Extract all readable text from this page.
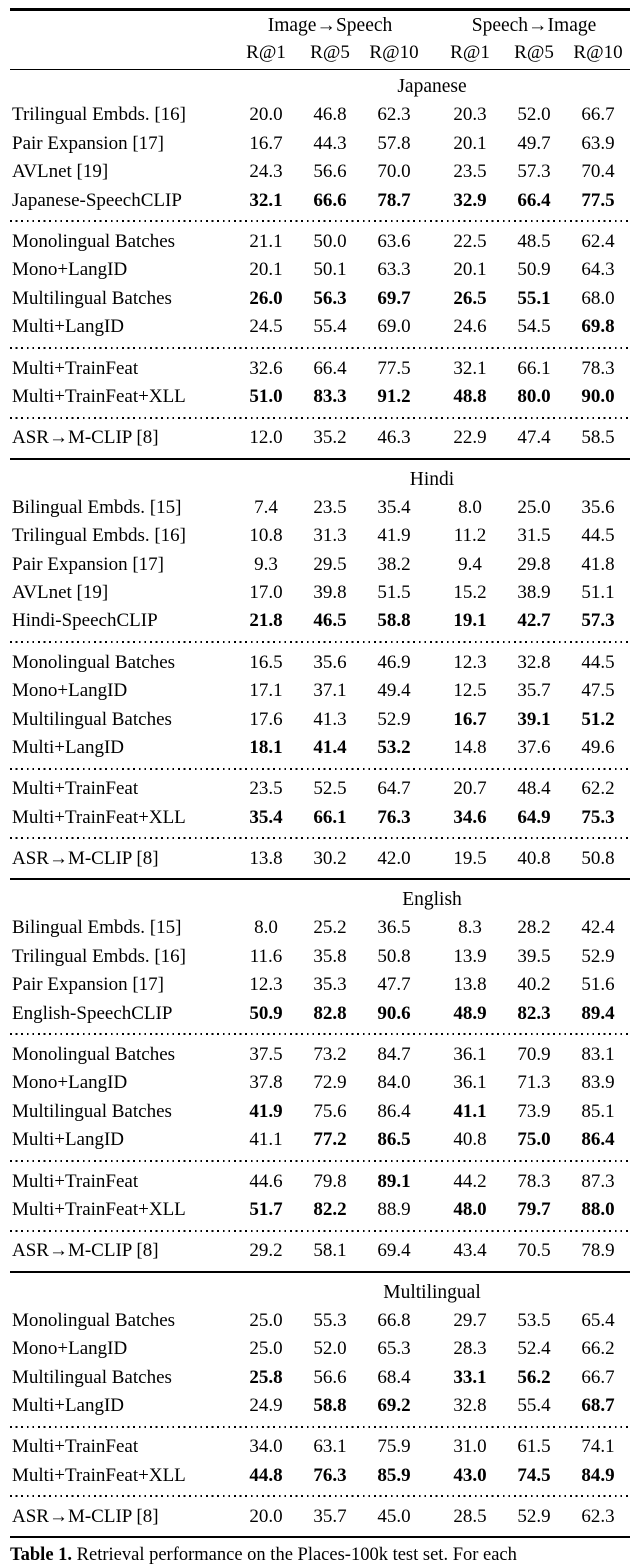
Image→Speech	Speech→Image
R@1	R@5	R@10	R@1	R@5	R@10
Japanese
Trilingual Embds. [16]	20.0	46.8	62.3	20.3	52.0	66.7
Pair Expansion [17]	16.7	44.3	57.8	20.1	49.7	63.9
AVLnet [19]	24.3	56.6	70.0	23.5	57.3	70.4
Japanese-SpeechCLIP	32.1	66.6	78.7	32.9	66.4	77.5
Monolingual Batches	21.1	50.0	63.6	22.5	48.5	62.4
Mono+LangID	20.1	50.1	63.3	20.1	50.9	64.3
Multilingual Batches	26.0	56.3	69.7	26.5	55.1	68.0
Multi+LangID	24.5	55.4	69.0	24.6	54.5	69.8
Multi+TrainFeat	32.6	66.4	77.5	32.1	66.1	78.3
Multi+TrainFeat+XLL	51.0	83.3	91.2	48.8	80.0	90.0
ASR→M-CLIP [8]	12.0	35.2	46.3	22.9	47.4	58.5
Hindi
Bilingual Embds. [15]	7.4	23.5	35.4	8.0	25.0	35.6
Trilingual Embds. [16]	10.8	31.3	41.9	11.2	31.5	44.5
Pair Expansion [17]	9.3	29.5	38.2	9.4	29.8	41.8
AVLnet [19]	17.0	39.8	51.5	15.2	38.9	51.1
Hindi-SpeechCLIP	21.8	46.5	58.8	19.1	42.7	57.3
Monolingual Batches	16.5	35.6	46.9	12.3	32.8	44.5
Mono+LangID	17.1	37.1	49.4	12.5	35.7	47.5
Multilingual Batches	17.6	41.3	52.9	16.7	39.1	51.2
Multi+LangID	18.1	41.4	53.2	14.8	37.6	49.6
Multi+TrainFeat	23.5	52.5	64.7	20.7	48.4	62.2
Multi+TrainFeat+XLL	35.4	66.1	76.3	34.6	64.9	75.3
ASR→M-CLIP [8]	13.8	30.2	42.0	19.5	40.8	50.8
English
Bilingual Embds. [15]	8.0	25.2	36.5	8.3	28.2	42.4
Trilingual Embds. [16]	11.6	35.8	50.8	13.9	39.5	52.9
Pair Expansion [17]	12.3	35.3	47.7	13.8	40.2	51.6
English-SpeechCLIP	50.9	82.8	90.6	48.9	82.3	89.4
Monolingual Batches	37.5	73.2	84.7	36.1	70.9	83.1
Mono+LangID	37.8	72.9	84.0	36.1	71.3	83.9
Multilingual Batches	41.9	75.6	86.4	41.1	73.9	85.1
Multi+LangID	41.1	77.2	86.5	40.8	75.0	86.4
Multi+TrainFeat	44.6	79.8	89.1	44.2	78.3	87.3
Multi+TrainFeat+XLL	51.7	82.2	88.9	48.0	79.7	88.0
ASR→M-CLIP [8]	29.2	58.1	69.4	43.4	70.5	78.9
Multilingual
Monolingual Batches	25.0	55.3	66.8	29.7	53.5	65.4
Mono+LangID	25.0	52.0	65.3	28.3	52.4	66.2
Multilingual Batches	25.8	56.6	68.4	33.1	56.2	66.7
Multi+LangID	24.9	58.8	69.2	32.8	55.4	68.7
Multi+TrainFeat	34.0	63.1	75.9	31.0	61.5	74.1
Multi+TrainFeat+XLL	44.8	76.3	85.9	43.0	74.5	84.9
ASR→M-CLIP [8]	20.0	35.7	45.0	28.5	52.9	62.3
Table 1. Retrieval performance on the Places-100k test set. For each
